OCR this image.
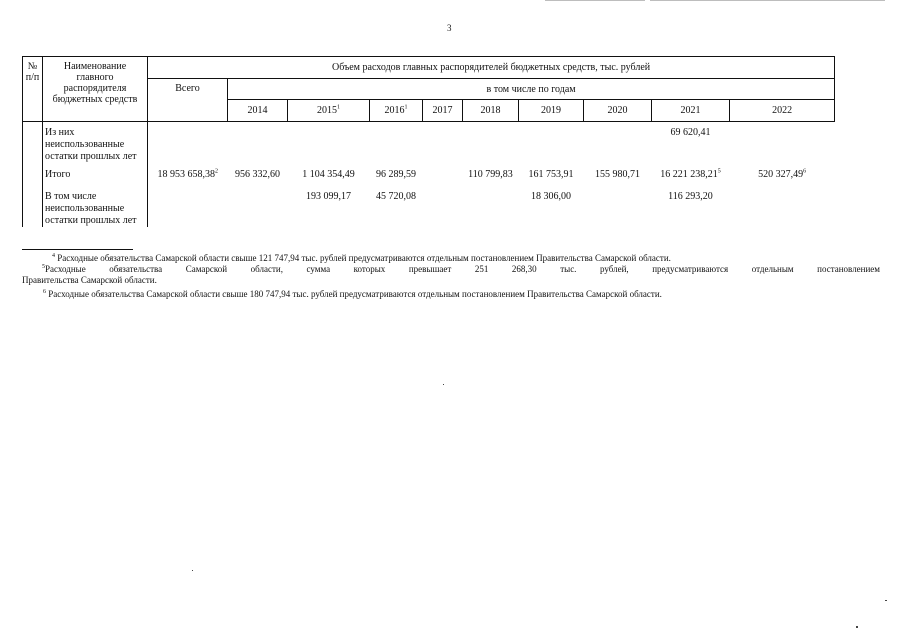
3
№ п/п	Наименование главного распорядителя бюджетных средств	Объем расходов главных распорядителей бюджетных средств, тыс. рублей									
		Всего	в том числе по годам								
			2014	2015$^1$	2016$^1$	2017	2018	2019	2020	2021	2022

	Из них неиспользованные остатки прошлых лет									69 620,41	
	Итого	18 953 658,38$^2$	956 332,60	1 104 354,49	96 289,59		110 799,83	161 753,91	155 980,71	16 221 238,21$^5$	520 327,49$^6$
	В том числе неиспользованные остатки прошлых лет			193 099,17	45 720,08			18 306,00		116 293,20	
$^4$ Расходные обязательства Самарской области свыше 121 747,94 тыс. рублей предусматриваются отдельным постановлением Правительства Самарской области.
$^5$Расходные обязательства Самарской области, сумма которых превышает 251 268,30 тыс. рублей, предусматриваются отдельным постановлением
Правительства Самарской области.
$^6$ Расходные обязательства Самарской области свыше 180 747,94 тыс. рублей предусматриваются отдельным постановлением Правительства Самарской области.
